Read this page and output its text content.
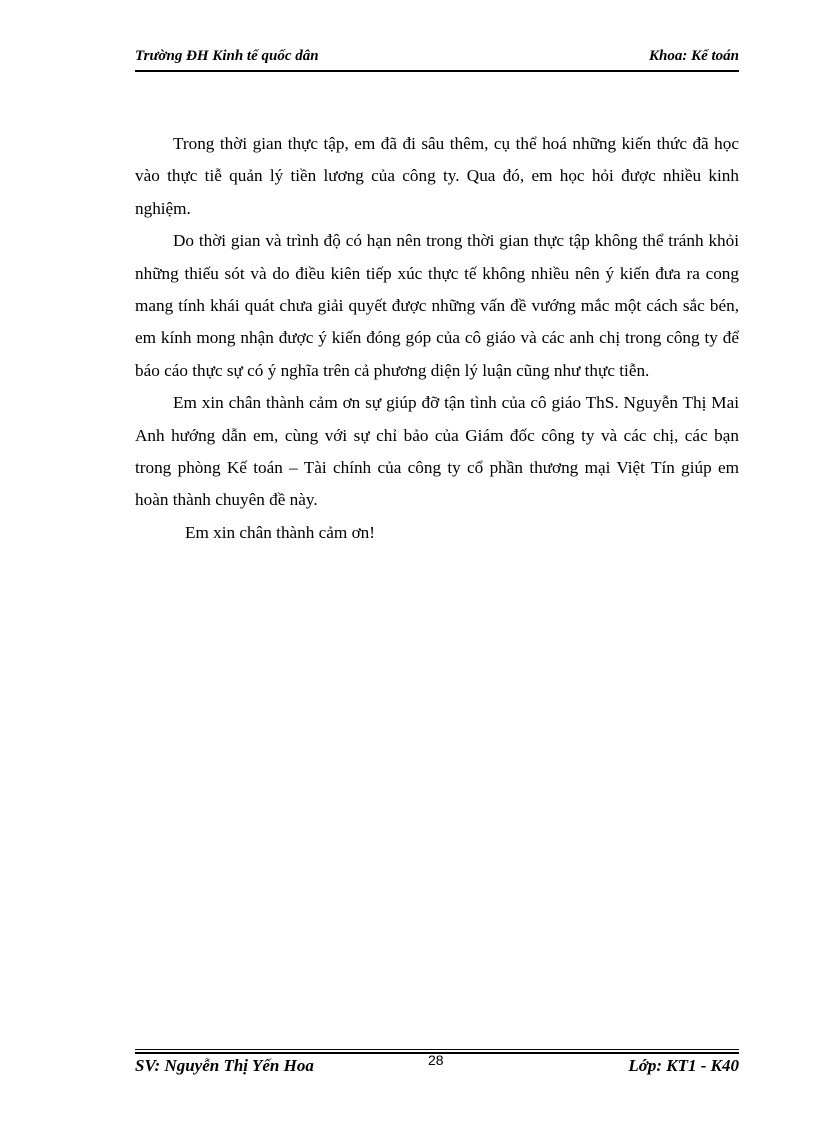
Trường ĐH Kinh tế quốc dân	Khoa: Kế toán

Trong thời gian thực tập, em đã đi sâu thêm, cụ thể hoá những kiến thức đã học vào thực tiễ quản lý tiền lương của công ty. Qua đó, em học hỏi được nhiều kinh nghiệm.

Do thời gian và trình độ có hạn nên trong thời gian thực tập không thể tránh khỏi những thiếu sót và do điều kiên tiếp xúc thực tế không nhiều nên ý kiến đưa ra cong mang tính khái quát chưa giải quyết được những vấn đề vướng mắc một cách sắc bén, em kính mong nhận được ý kiến đóng góp của cô giáo và các anh chị trong công ty để báo cáo thực sự có ý nghĩa trên cả phương diện lý luận cũng như thực tiễn.

Em xin chân thành cảm ơn sự giúp đỡ tận tình của cô giáo ThS. Nguyễn Thị Mai Anh hướng dẫn em, cùng với sự chỉ bảo của Giám đốc công ty và các chị, các bạn trong phòng Kế toán – Tài chính của công ty cổ phần thương mại Việt Tín giúp em hoàn thành chuyên đề này.

Em xin chân thành cảm ơn!

SV: Nguyễn Thị Yến Hoa	28	Lớp: KT1 - K40
